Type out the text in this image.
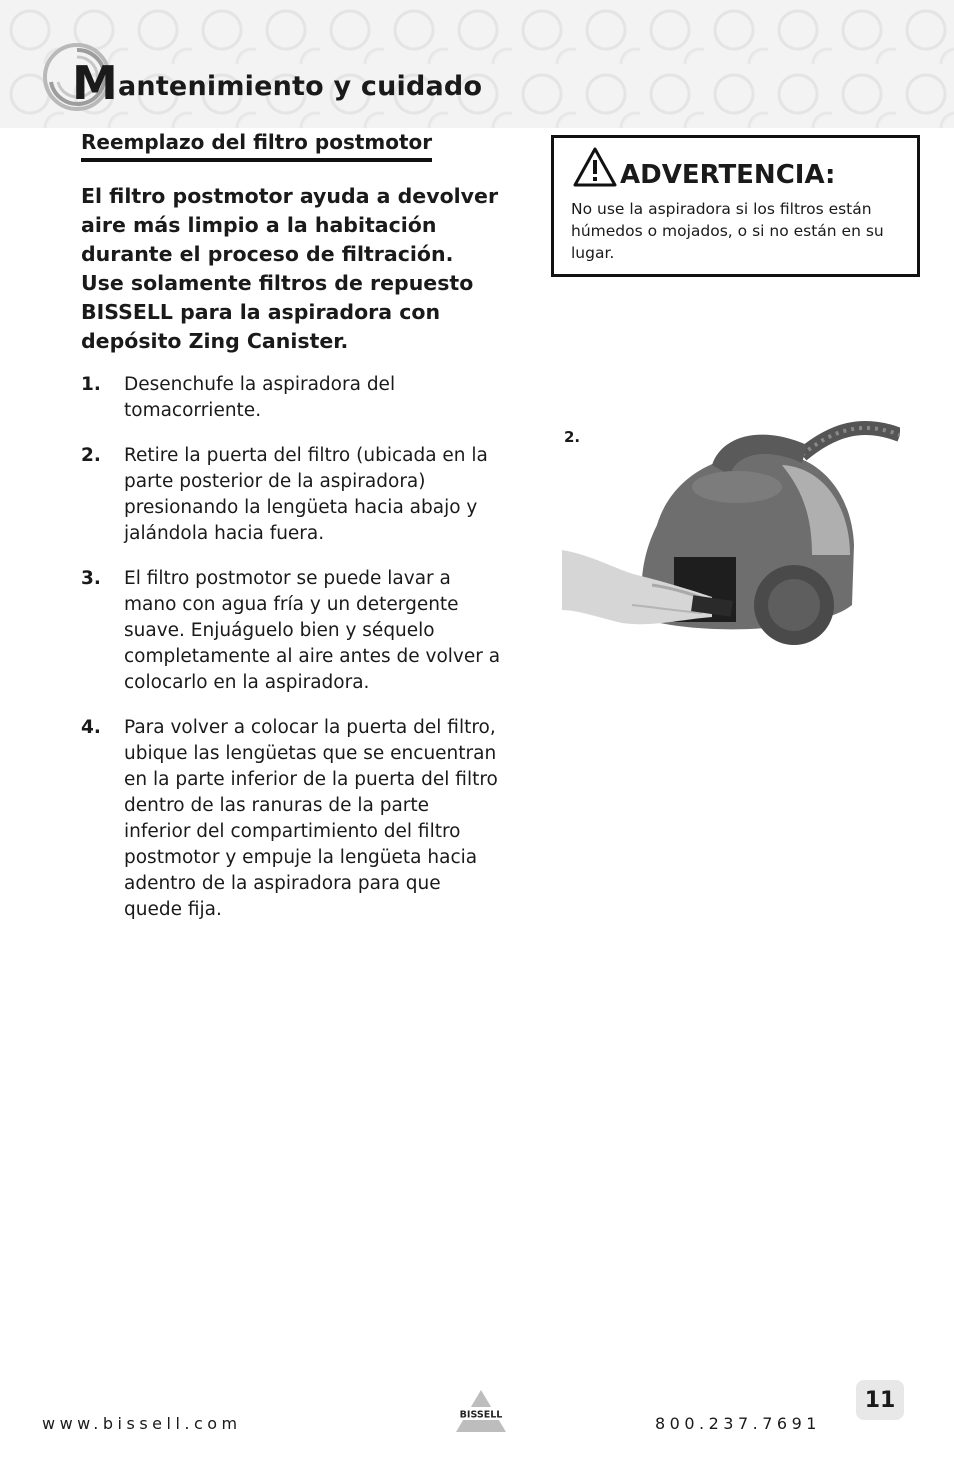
Mantenimiento y cuidado
Reemplazo del filtro postmotor

El filtro postmotor ayuda a devolver aire más limpio a la habitación durante el proceso de filtración. Use solamente filtros de repuesto BISSELL para la aspiradora con depósito Zing Canister.

1. Desenchufe la aspiradora del tomacorriente.
2. Retire la puerta del filtro (ubicada en la parte posterior de la aspiradora) presionando la lengüeta hacia abajo y jalándola hacia fuera.
3. El filtro postmotor se puede lavar a mano con agua fría y un detergente suave. Enjuáguelo bien y séquelo completamente al aire antes de volver a colocarlo en la aspiradora.
4. Para volver a colocar la puerta del filtro, ubique las lengüetas que se encuentran en la parte inferior de la puerta del filtro dentro de las ranuras de la parte inferior del compartimiento del filtro postmotor y empuje la lengüeta hacia adentro de la aspiradora para que quede fija.
ADVERTENCIA:

No use la aspiradora si los filtros están húmedos o mojados, o si no están en su lugar.

2.
www.bissell.com	BISSELL	800.237.7691
11
